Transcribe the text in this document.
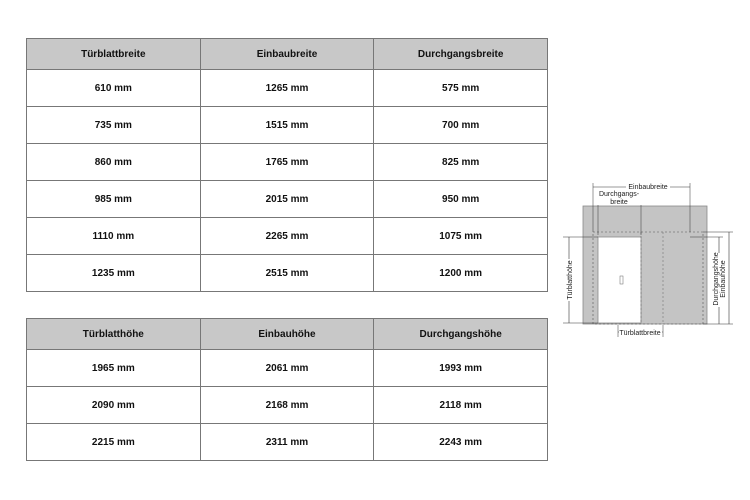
Türblattbreite	Einbaubreite	Durchgangsbreite
610 mm	1265 mm	575 mm
735 mm	1515 mm	700 mm
860 mm	1765 mm	825 mm
985 mm	2015 mm	950 mm
1110 mm	2265 mm	1075 mm
1235 mm	2515 mm	1200 mm
Türblatthöhe	Einbauhöhe	Durchgangshöhe
1965 mm	2061 mm	1993 mm
2090 mm	2168 mm	2118 mm
2215 mm	2311 mm	2243 mm
Einbaubreite
Durchgangs-
breite
Türblatthöhe	Durchgangshöhe Einbauhöhe
Türblattbreite
